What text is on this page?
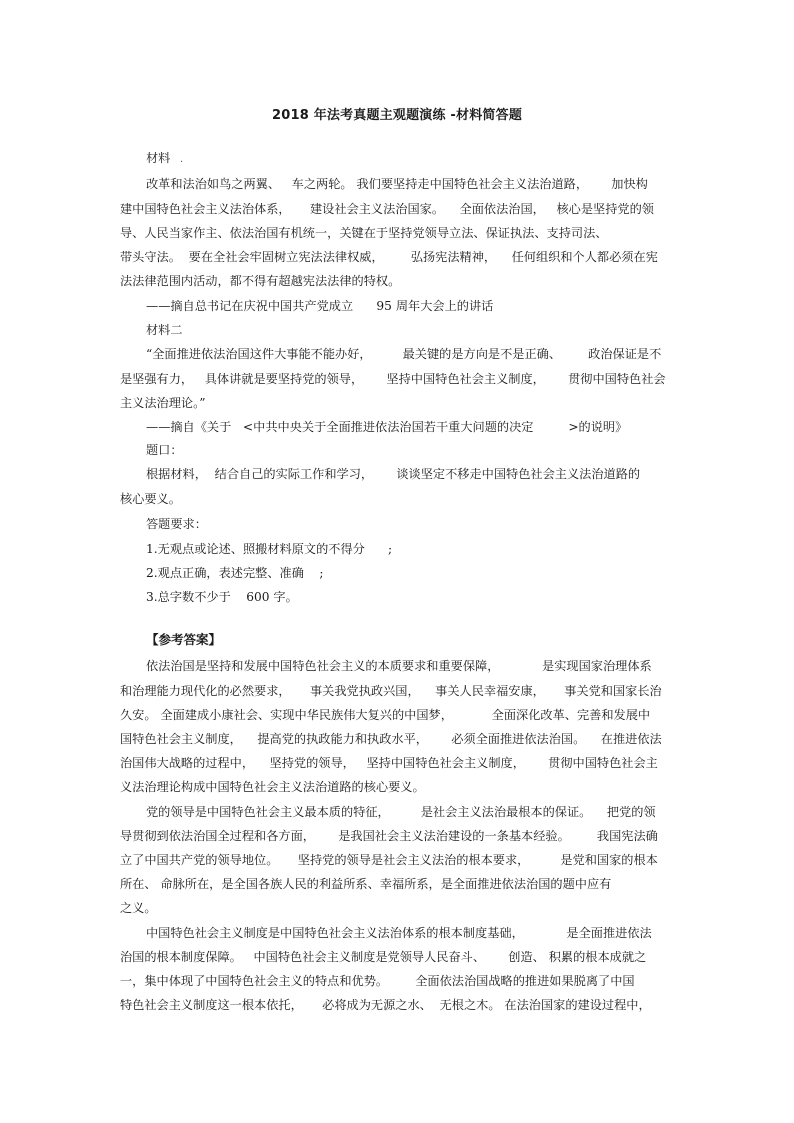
2018 年法考真题主观题演练 -材料简答题
材料 ·
改革和法治如鸟之两翼、   车之两轮。 我们要坚持走中国特色社会主义法治道路，      加快构
建中国特色社会主义法治体系，     建设社会主义法治国家。    全面依法治国，   核心是坚持党的领
导、人民当家作主、依法治国有机统一，关键在于坚持党领导立法、保证执法、支持司法、
带头守法。  要在全社会牢固树立宪法法律权威，       弘扬宪法精神，    任何组织和个人都必须在宪
法法律范围内活动，都不得有超越宪法法律的特权。
——摘自总书记在庆祝中国共产党成立      95 周年大会上的讲话
材料二
“全面推进依法治国这件大事能不能办好，        最关键的是方向是不是正确、       政治保证是不
是坚强有力，   具体讲就是要坚持党的领导，      坚持中国特色社会主义制度，      贯彻中国特色社会
主义法治理论。”
——摘自《关于   <中共中央关于全面推进依法治国若干重大问题的决定         >的说明》
题口：
根据材料，  结合自己的实际工作和学习，      谈谈坚定不移走中国特色社会主义法治道路的
核心要义。
答题要求：
1.无观点或论述、照搬材料原文的不得分      ;
2.观点正确，表述完整、准确    ;
3.总字数不少于    600 字。
【参考答案】
依法治国是坚持和发展中国特色社会主义的本质要求和重要保障，           是实现国家治理体系
和治理能力现代化的必然要求，     事关我党执政兴国，    事关人民幸福安康，     事关党和国家长治
久安。 全面建成小康社会、实现中华民族伟大复兴的中国梦，          全面深化改革、完善和发展中
国特色社会主义制度，    提高党的执政能力和执政水平，      必须全面推进依法治国。    在推进依法
治国伟大战略的过程中，    坚持党的领导，   坚持中国特色社会主义制度，      贯彻中国特色社会主
义法治理论构成中国特色社会主义法治道路的核心要义。
党的领导是中国特色社会主义最本质的特征，        是社会主义法治最根本的保证。    把党的领
导贯彻到依法治国全过程和各方面，      是我国社会主义法治建设的一条基本经验。       我国宪法确
立了中国共产党的领导地位。     坚持党的领导是社会主义法治的根本要求，        是党和国家的根本
所在、 命脉所在，是全国各族人民的利益所系、幸福所系，是全面推进依法治国的题中应有
之义。
中国特色社会主义制度是中国特色社会主义法治体系的根本制度基础，           是全面推进依法
治国的根本制度保障。   中国特色社会主义制度是党领导人民奋斗、      创造、 积累的根本成就之
一，集中体现了中国特色社会主义的特点和优势。       全面依法治国战略的推进如果脱离了中国
特色社会主义制度这一根本依托，     必将成为无源之水、  无根之木。 在法治国家的建设过程中，
